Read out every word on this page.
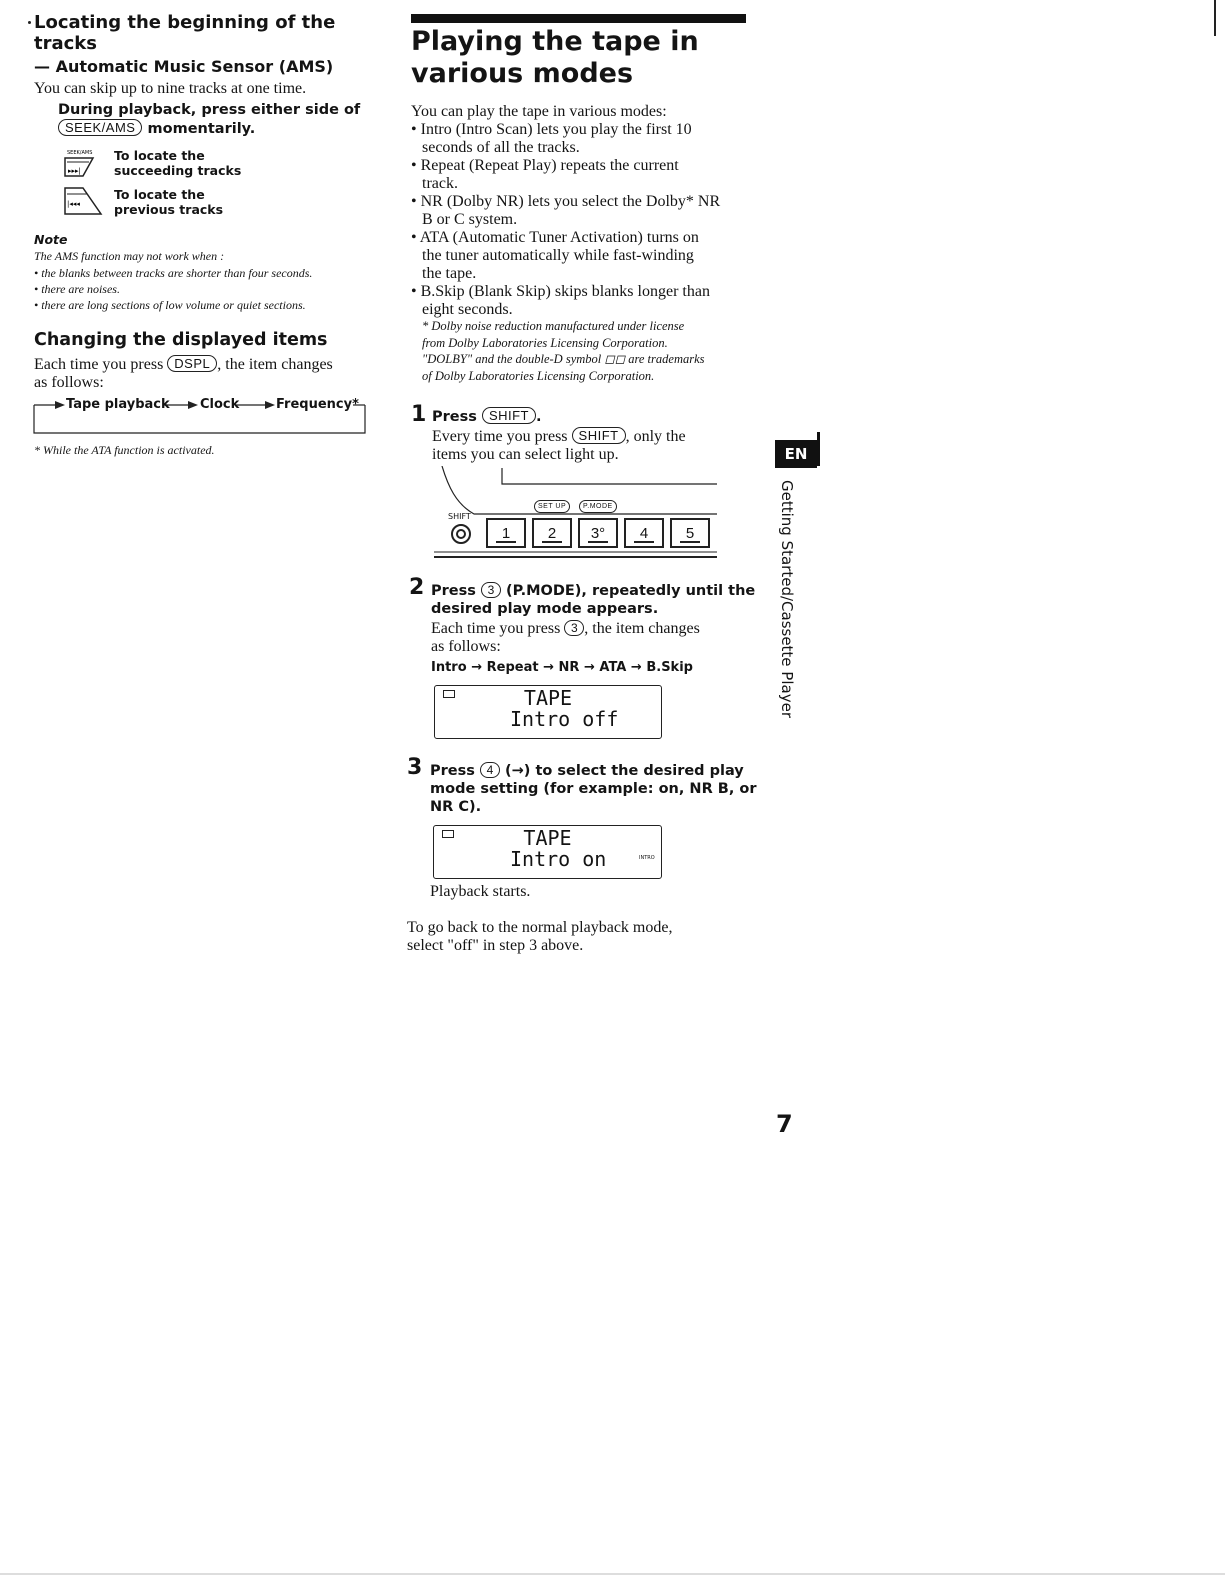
Locating the beginning of the
tracks
— Automatic Music Sensor (AMS)
You can skip up to nine tracks at one time.
During playback, press either side of
SEEK/AMS momentarily.
SEEK/AMS
▸▸▸|
To locate the
succeeding tracks
|◂◂◂
To locate the
previous tracks
Note
The AMS function may not work when :
• the blanks between tracks are shorter than four seconds.
• there are noises.
• there are long sections of low volume or quiet sections.
Changing the displayed items
Each time you press DSPL , the item changes
as follows:
Tape playback Clock	Frequency*
* While the ATA function is activated.
Playing the tape in
various modes
You can play the tape in various modes:
• Intro (Intro Scan) lets you play the first 10
seconds of all the tracks.
• Repeat (Repeat Play) repeats the current
track.
• NR (Dolby NR) lets you select the Dolby* NR
B or C system.
• ATA (Automatic Tuner Activation) turns on
the tuner automatically while fast-winding
the tape.
• B.Skip (Blank Skip) skips blanks longer than
eight seconds.
* Dolby noise reduction manufactured under license
from Dolby Laboratories Licensing Corporation.
"DOLBY" and the double-D symbol ◻◻ are trademarks
of Dolby Laboratories Licensing Corporation.
1 Press SHIFT .
Every time you press SHIFT , only the
items you can select light up.
SHIFT
SET UP	P.MODE
1	2	3°	4	5
2 Press 3 (P.MODE), repeatedly until the
desired play mode appears.
Each time you press 3 , the item changes
as follows:
Intro → Repeat → NR → ATA → B.Skip
TAPE
Intro off
3 Press 4 (→) to select the desired play
mode setting (for example: on, NR B, or
NR C).
TAPE
Intro on	INTRO
Playback starts.
To go back to the normal playback mode,
select "off" in step 3 above.
EN
Getting Started/Cassette Player
7
